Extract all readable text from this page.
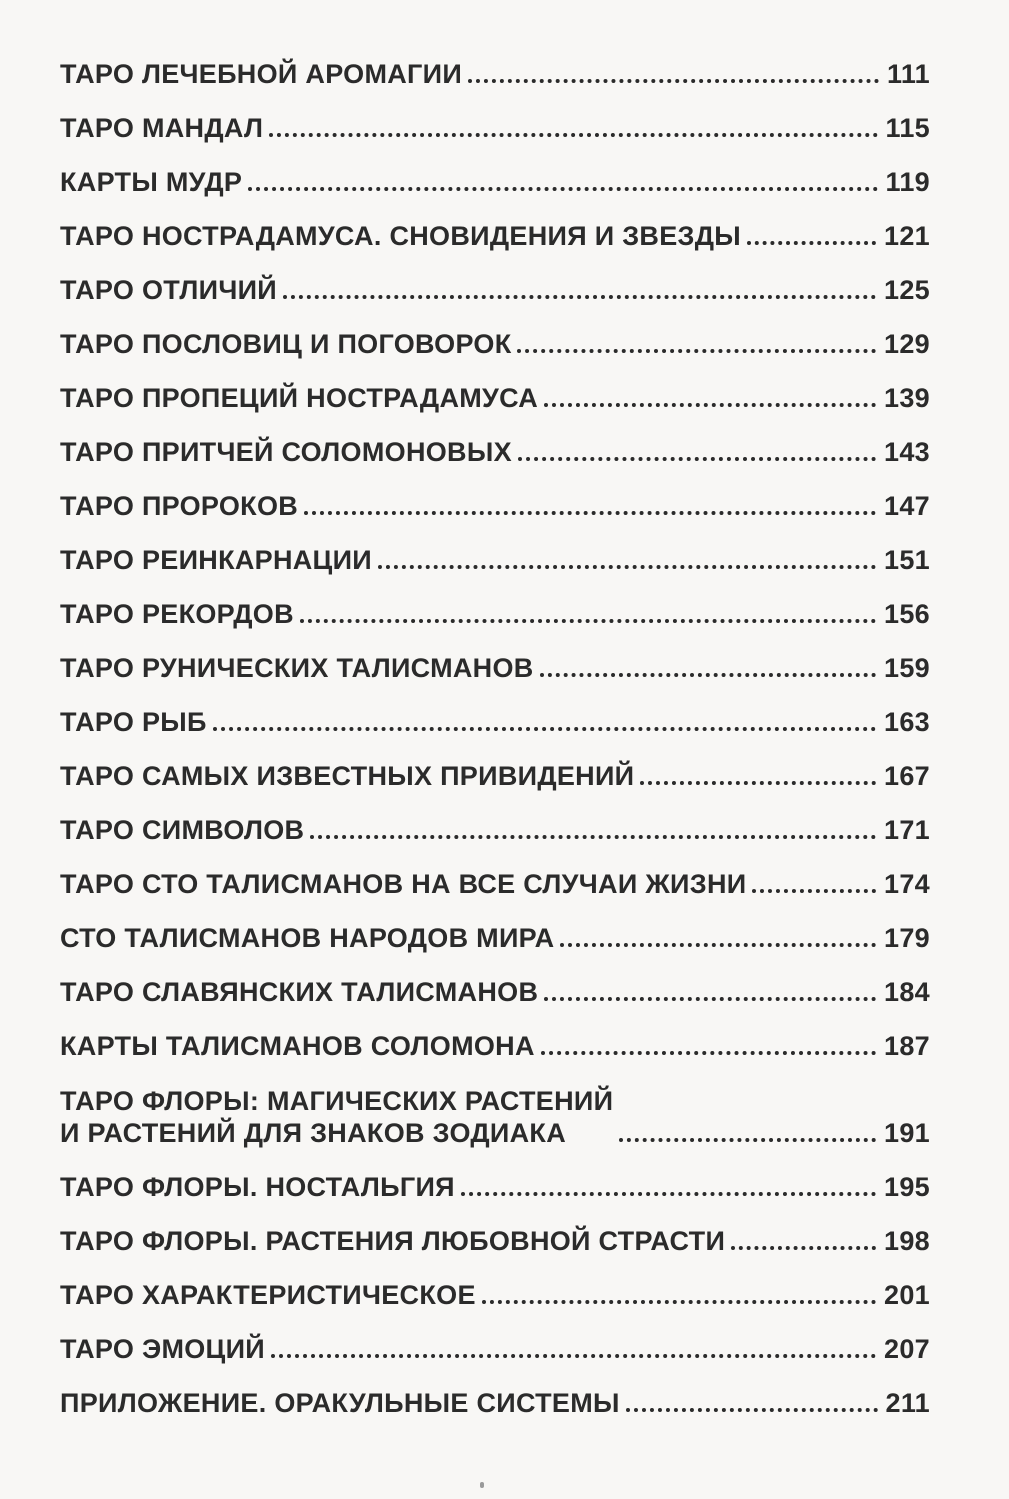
ТАРО ЛЕЧЕБНОЙ АРОМАГИИ	111
ТАРО МАНДАЛ	115
КАРТЫ МУДР	119
ТАРО НОСТРАДАМУСА. СНОВИДЕНИЯ И ЗВЕЗДЫ	121
ТАРО ОТЛИЧИЙ	125
ТАРО ПОСЛОВИЦ И ПОГОВОРОК	129
ТАРО ПРОПЕЦИЙ НОСТРАДАМУСА	139
ТАРО ПРИТЧЕЙ СОЛОМОНОВЫХ	143
ТАРО ПРОРОКОВ	147
ТАРО РЕИНКАРНАЦИИ	151
ТАРО РЕКОРДОВ	156
ТАРО РУНИЧЕСКИХ ТАЛИСМАНОВ	159
ТАРО РЫБ	163
ТАРО САМЫХ ИЗВЕСТНЫХ ПРИВИДЕНИЙ	167
ТАРО СИМВОЛОВ	171
ТАРО СТО ТАЛИСМАНОВ НА ВСЕ СЛУЧАИ ЖИЗНИ	174
СТО ТАЛИСМАНОВ НАРОДОВ МИРА	179
ТАРО СЛАВЯНСКИХ ТАЛИСМАНОВ	184
КАРТЫ ТАЛИСМАНОВ СОЛОМОНА	187
ТАРО ФЛОРЫ: МАГИЧЕСКИХ РАСТЕНИЙ
И РАСТЕНИЙ ДЛЯ ЗНАКОВ ЗОДИАКА	191
ТАРО ФЛОРЫ. НОСТАЛЬГИЯ	195
ТАРО ФЛОРЫ. РАСТЕНИЯ ЛЮБОВНОЙ СТРАСТИ	198
ТАРО ХАРАКТЕРИСТИЧЕСКОЕ	201
ТАРО ЭМОЦИЙ	207
ПРИЛОЖЕНИЕ. ОРАКУЛЬНЫЕ СИСТЕМЫ	211
